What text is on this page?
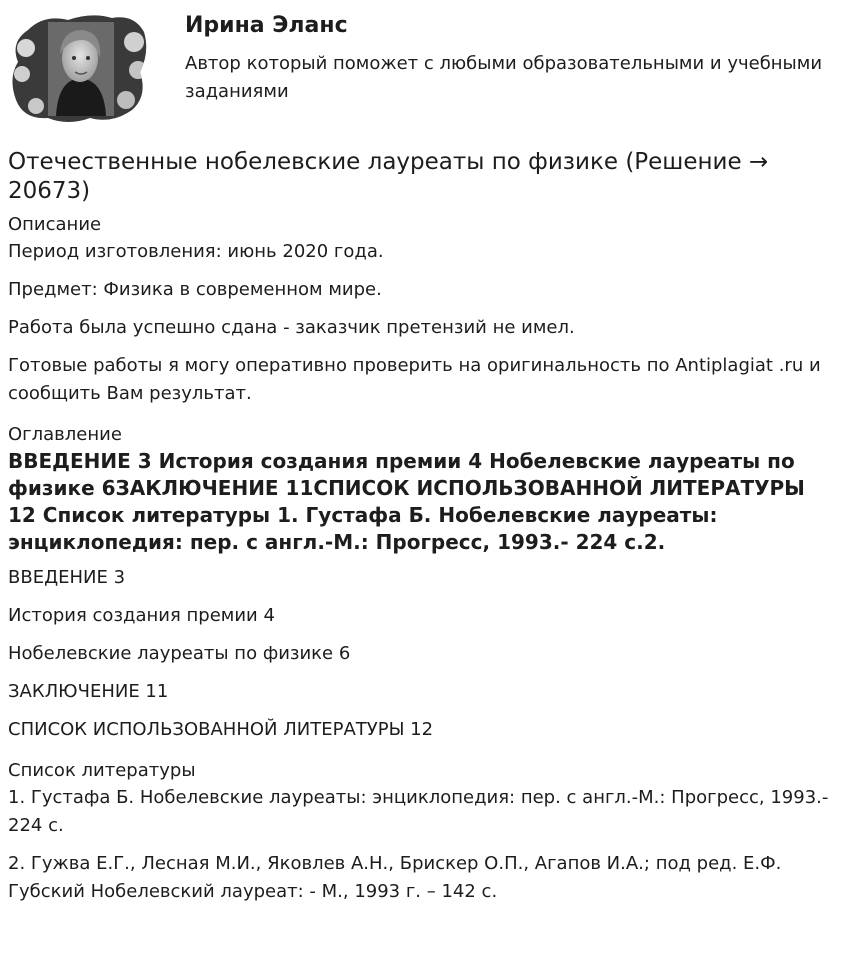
Ирина Эланс

Автор который поможет с любыми образовательными и учебными заданиями

Отечественные нобелевские лауреаты по физике (Решение → 20673)

Описание

Период изготовления: июнь 2020 года.

Предмет: Физика в современном мире.

Работа была успешно сдана - заказчик претензий не имел.

Готовые работы я могу оперативно проверить на оригинальность по Antiplagiat .ru и сообщить Вам результат.

Оглавление

ВВЕДЕНИЕ 3 История создания премии 4 Нобелевские лауреаты по физике 6ЗАКЛЮЧЕНИЕ 11СПИСОК ИСПОЛЬЗОВАННОЙ ЛИТЕРАТУРЫ 12 Список литературы 1. Густафа Б. Нобелевские лауреаты: энциклопедия: пер. с англ.-М.: Прогресс, 1993.- 224 с.2.

ВВЕДЕНИЕ 3

История создания премии 4

Нобелевские лауреаты по физике 6

ЗАКЛЮЧЕНИЕ 11

СПИСОК ИСПОЛЬЗОВАННОЙ ЛИТЕРАТУРЫ 12

Список литературы

1. Густафа Б. Нобелевские лауреаты: энциклопедия: пер. с англ.-М.: Прогресс, 1993.- 224 с.

2. Гужва Е.Г., Лесная М.И., Яковлев А.Н., Брискер О.П., Агапов И.А.; под ред. Е.Ф. Губский Нобелевский лауреат: - М., 1993 г. – 142 с.
